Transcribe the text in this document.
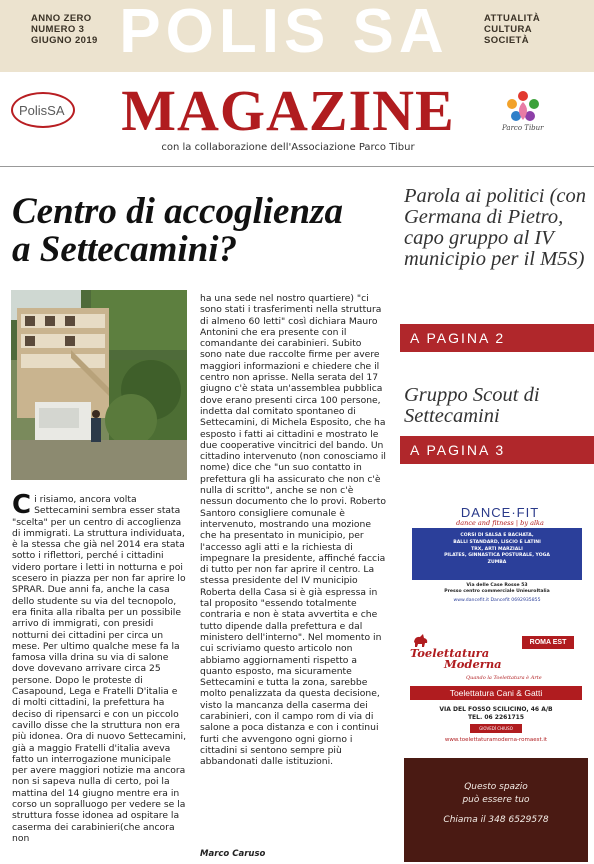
ANNO ZERO
NUMERO 3
GIUGNO 2019 POLIS SA	ATTUALITÀ
CULTURA
SOCIETÀ
PolisSA MAGAZINE
con la collaborazione dell'Associazione Parco Tibur
Parco Tibur
Centro di accoglienza
a Settecamini?
Ci risiamo, ancora volta Settecamini sembra esser stata "scelta" per un centro di accoglienza di immigrati. La struttura individuata, è la stessa che già nel 2014 era stata sotto i riflettori, perché i cittadini videro portare i letti in notturna e poi scesero in piazza per non far aprire lo SPRAR. Due anni fa, anche la casa dello studente su via del tecnopolo, era finita alla ribalta per un possibile arrivo di immigrati, con presidi notturni dei cittadini per circa un mese. Per ultimo qualche mese fa la famosa villa drina su via di salone dove dovevano arrivare circa 25 persone. Dopo le proteste di Casapound, Lega e Fratelli D'italia e di molti cittadini, la prefettura ha deciso di ripensarci e con un piccolo cavillo disse che la struttura non era più idonea. Ora di nuovo Settecamini, già a maggio Fratelli d'italia aveva fatto un interrogazione municipale per avere maggiori notizie ma ancora non si sapeva nulla di certo, poi la mattina del 14 giugno mentre era in corso un sopralluogo per vedere se la struttura fosse idonea ad ospitare la caserma dei carabinieri(che ancora non
ha una sede nel nostro quartiere) "ci sono stati i trasferimenti nella struttura di almeno 60 letti" così dichiara Mauro Antonini che era presente con il comandante dei carabinieri. Subito sono nate due raccolte firme per avere maggiori informazioni e chiedere che il centro non aprisse. Nella serata del 17 giugno c'è stata un'assemblea pubblica dove erano presenti circa 100 persone, indetta dal comitato spontaneo di Settecamini, di Michela Esposito, che ha esposto i fatti ai cittadini e mostrato le due cooperative vincitrici del bando. Un cittadino intervenuto (non conosciamo il nome) dice che "un suo contatto in prefettura gli ha assicurato che non c'è nulla di scritto", anche se non c'è nessun documento che lo provi. Roberto Santoro consigliere comunale è intervenuto, mostrando una mozione che ha presentato in municipio, per l'accesso agli atti e la richiesta di impegnare la presidente, affinché faccia di tutto per non far aprire il centro. La stessa presidente del IV municipio Roberta della Casa si è già espressa in tal proposito "essendo totalmente contraria e non è stata avvertita e che tutto dipende dalla prefettura e dal ministero dell'interno". Nel momento in cui scriviamo questo articolo non abbiamo aggiornamenti rispetto a quanto esposto, ma sicuramente Settecamini e tutta la zona, sarebbe molto penalizzata da questa decisione, visto la mancanza della caserma dei carabinieri, con il campo rom di via di salone a poca distanza e con i continui furti che avvengono ogni giorno i cittadini si sentono sempre più abbandonati dalle istituzioni.
Marco Caruso
Parola ai politici (con Germana di Pietro, capo gruppo al IV municipio per il M5S)
A PAGINA 2
Gruppo Scout di Settecamini
A PAGINA 3
DANCE·FIT
dance and fitness | by alka
CORSI DI SALSA E BACHATA,
BALLI STANDARD, LISCIO E LATINI
TRX, ARTI MARZIALI
PILATES, GINNASTICA POSTURALE, YOGA
ZUMBA
Via delle Case Rosse 53
Presso centro commerciale UnieuroItalia
www.dancefit.it Dancefit 0692935855
ROMA EST
Toelettatura
Moderna
Quando la Toelettatura è Arte
Toelettatura Cani & Gatti
VIA DEL FOSSO SCILICINO, 46 A/B
TEL. 06 2261715
GIOVEDÌ CHIUSO
www.toelettaturamoderna-romaest.it
Questo spazio
può essere tuo
Chiama il 348 6529578
